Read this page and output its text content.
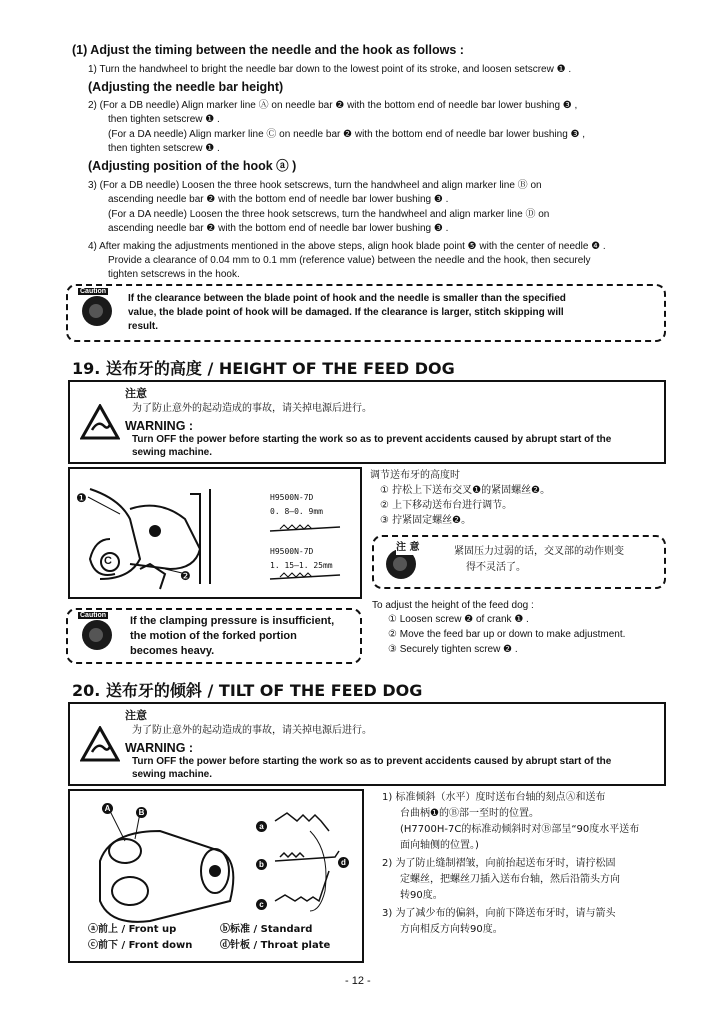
(1) Adjust the timing between the needle and the hook as follows :
1) Turn the handwheel to bright the needle bar down to the lowest point of its stroke, and loosen setscrew ❶ .
(Adjusting the needle bar height)
2) (For a DB needle) Align marker line Ⓐ on needle bar ❷ with the bottom end of needle bar lower bushing ❸ ,
then tighten setscrew ❶ .
(For a DA needle) Align marker line Ⓒ on needle bar ❷ with the bottom end of needle bar lower bushing ❸ ,
then tighten setscrew ❶ .
(Adjusting position of the hook ⓐ )
3) (For a DB needle) Loosen the three hook setscrews, turn the handwheel and align marker line Ⓑ on
ascending needle bar ❷ with the bottom end of needle bar lower bushing ❸ .
(For a DA needle) Loosen the three hook setscrews, turn the handwheel and align marker line Ⓓ on
ascending needle bar ❷ with the bottom end of needle bar lower bushing ❸ .
4) After making the adjustments mentioned in the above steps, align hook blade point ❺ with the center of needle ❹ .
Provide a clearance of 0.04 mm to 0.1 mm (reference value) between the needle and the hook, then securely
tighten setscrews in the hook.
Caution
If the clearance between the blade point of hook and the needle is smaller than the specified
value, the blade point of hook will be damaged. If the clearance is larger, stitch skipping will
result.
19. 送布牙的高度 / HEIGHT OF THE FEED DOG
注意
为了防止意外的起动造成的事故，请关掉电源后进行。
WARNING :
Turn OFF the power before starting the work so as to prevent accidents caused by abrupt start of the
sewing machine.
❶
❷
C
H9500N-7D
0. 8–0. 9mm
H9500N-7D
1. 15–1. 25mm
调节送布牙的高度时
① 拧松上下送布交叉❶的紧固螺丝❷。
② 上下移动送布台进行调节。
③ 拧紧固定螺丝❷。
注 意	紧固压力过弱的话，交叉部的动作则变
得不灵活了。
Caution If the clamping pressure is insufficient,
the motion of the forked portion
becomes heavy.
To adjust the height of the feed dog :
① Loosen screw ❷ of crank ❶ .
② Move the feed bar up or down to make adjustment.
③ Securely tighten screw ❷ .
20. 送布牙的倾斜 / TILT OF THE FEED DOG
注意
为了防止意外的起动造成的事故，请关掉电源后进行。
WARNING :
Turn OFF the power before starting the work so as to prevent accidents caused by abrupt start of the
sewing machine.
A	B
a
b
c
d
ⓐ前上 / Front up	ⓑ标准 / Standard
ⓒ前下 / Front down	ⓓ针板 / Throat plate
1) 标准倾斜（水平）度时送布台轴的刻点Ⓐ和送布
台曲柄❶的Ⓑ部一至时的位置。
(H7700H-7C的标准动倾斜时对Ⓑ部呈“90度水平送布
面向轴侧的位置。)
2) 为了防止缝制褶皱，向前抬起送布牙时，请拧松固
定螺丝，把螺丝刀插入送布台轴，然后沿箭头方向
转90度。
3) 为了减少布的偏斜，向前下降送布牙时，请与箭头
方向相反方向转90度。
- 12 -
